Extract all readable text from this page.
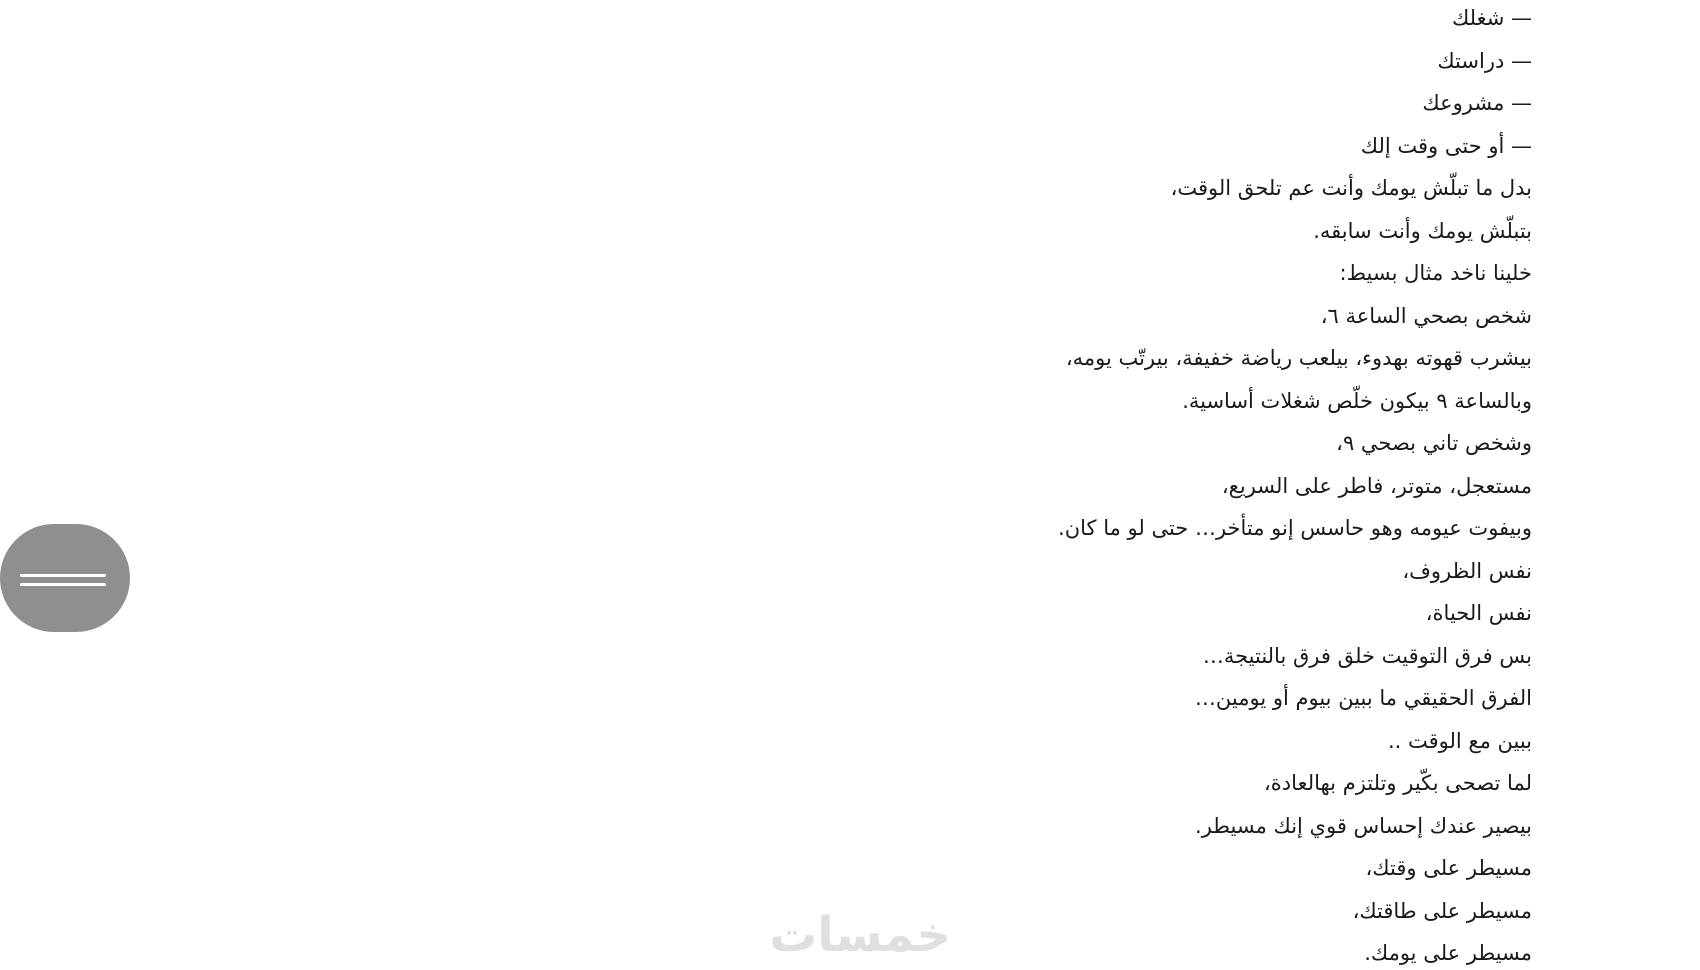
— شغلك
— دراستك
— مشروعك
— أو حتى وقت إلك
بدل ما تبلّش يومك وأنت عم تلحق الوقت،
بتبلّش يومك وأنت سابقه.
خلينا ناخد مثال بسيط:
شخص بصحي الساعة ٦،
بيشرب قهوته بهدوء، بيلعب رياضة خفيفة، بيرتّب يومه،
وبالساعة ٩ بيكون خلّص شغلات أساسية.
وشخص تاني بصحي ٩،
مستعجل، متوتر، فاطر على السريع،
وبيفوت عيومه وهو حاسس إنو متأخر… حتى لو ما كان.
نفس الظروف،
نفس الحياة،
بس فرق التوقيت خلق فرق بالنتيجة…
الفرق الحقيقي ما ببين بيوم أو يومين…
ببين مع الوقت ..
لما تصحى بكّير وتلتزم بهالعادة،
بيصير عندك إحساس قوي إنك مسيطر.
مسيطر على وقتك،
مسيطر على طاقتك،
مسيطر على يومك.
خمسات
